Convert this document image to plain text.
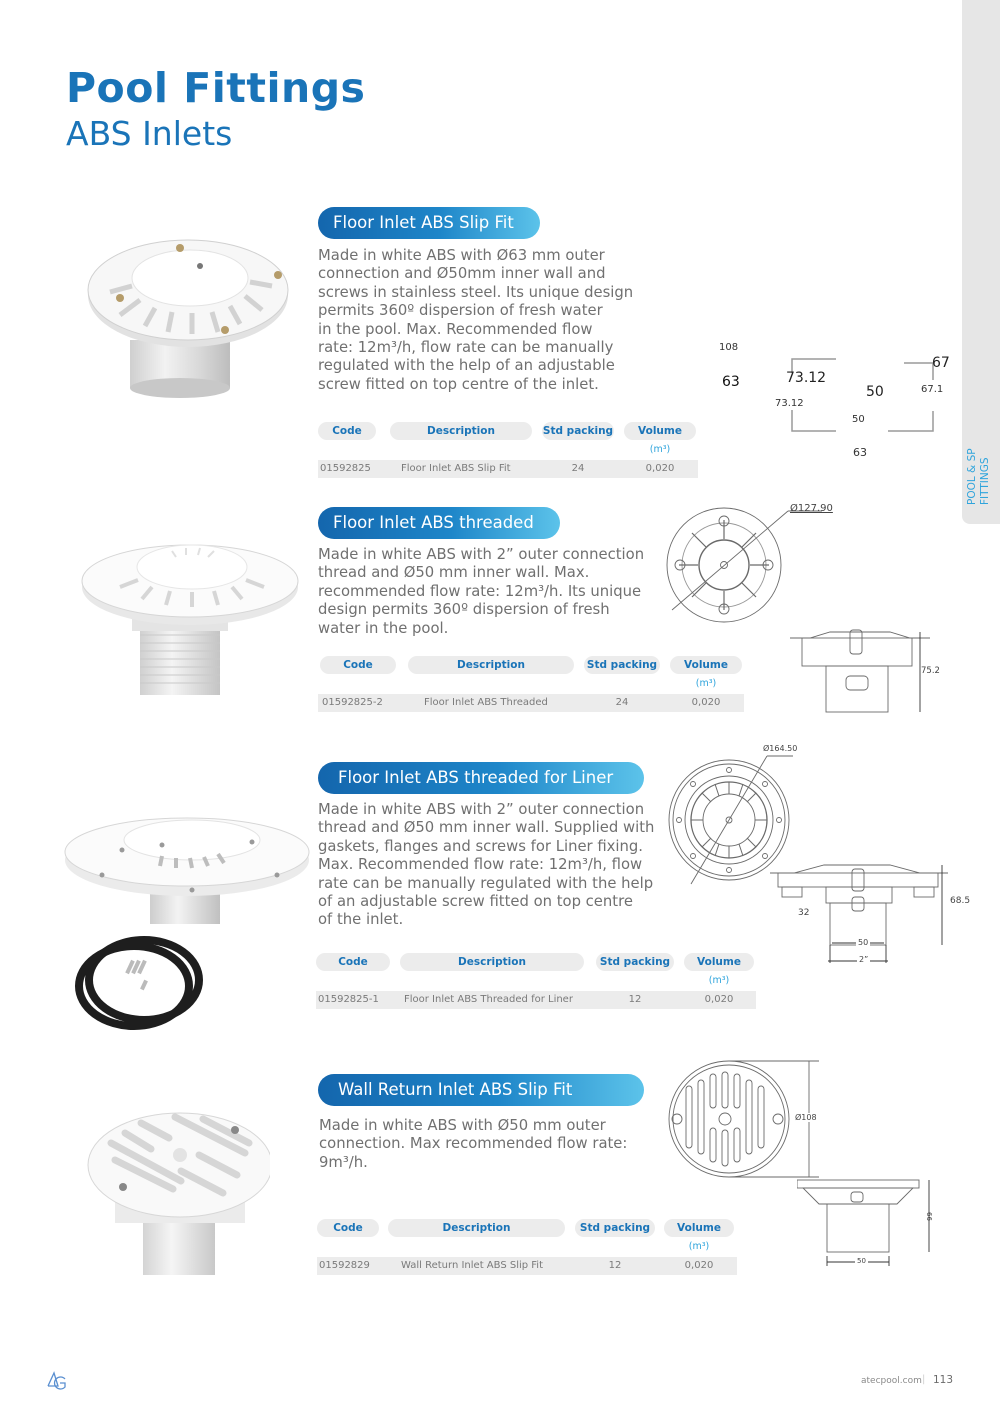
Pool Fittings
ABS Inlets
POOL & SP FITTINGS
Floor Inlet ABS Slip Fit
Made in white ABS with Ø63 mm outer
connection and Ø50mm inner wall and
screws in stainless steel. Its unique design
permits 360º dispersion of fresh water
in the pool. Max. Recommended flow
rate: 12m³/h, flow rate can be manually
regulated with the help of an adjustable
screw fitted on top centre of the inlet.
Code	Description	Std packing	Volume
(m³)
01592825	Floor Inlet ABS Slip Fit	24	0,020
108
73.12
73.12
50
50
63
63
67
67.1
Floor Inlet ABS threaded
Made in white ABS with 2” outer connection
thread and Ø50 mm inner wall. Max.
recommended flow rate: 12m³/h. Its unique
design permits 360º dispersion of fresh
water in the pool.
Code	Description	Std packing	Volume
(m³)
01592825-2	Floor Inlet ABS Threaded	24	0,020
Ø127.90
75.2
Floor Inlet ABS threaded for Liner
Made in white ABS with 2” outer connection
thread and Ø50 mm inner wall. Supplied with
gaskets, flanges and screws for Liner fixing.
Max. Recommended flow rate: 12m³/h, flow
rate can be manually regulated with the help
of an adjustable screw fitted on top centre
of the inlet.
Code	Description	Std packing	Volume
(m³)
01592825-1	Floor Inlet ABS Threaded for Liner	12	0,020
Ø164.50
68.5
32
50
2”
Wall Return Inlet ABS Slip Fit
Made in white ABS with Ø50 mm outer
connection. Max recommended flow rate:
9m³/h.
Code	Description	Std packing	Volume
(m³)
01592829	Wall Return Inlet ABS Slip Fit	12	0,020
Ø108
66
50
atecpool.com | 113
